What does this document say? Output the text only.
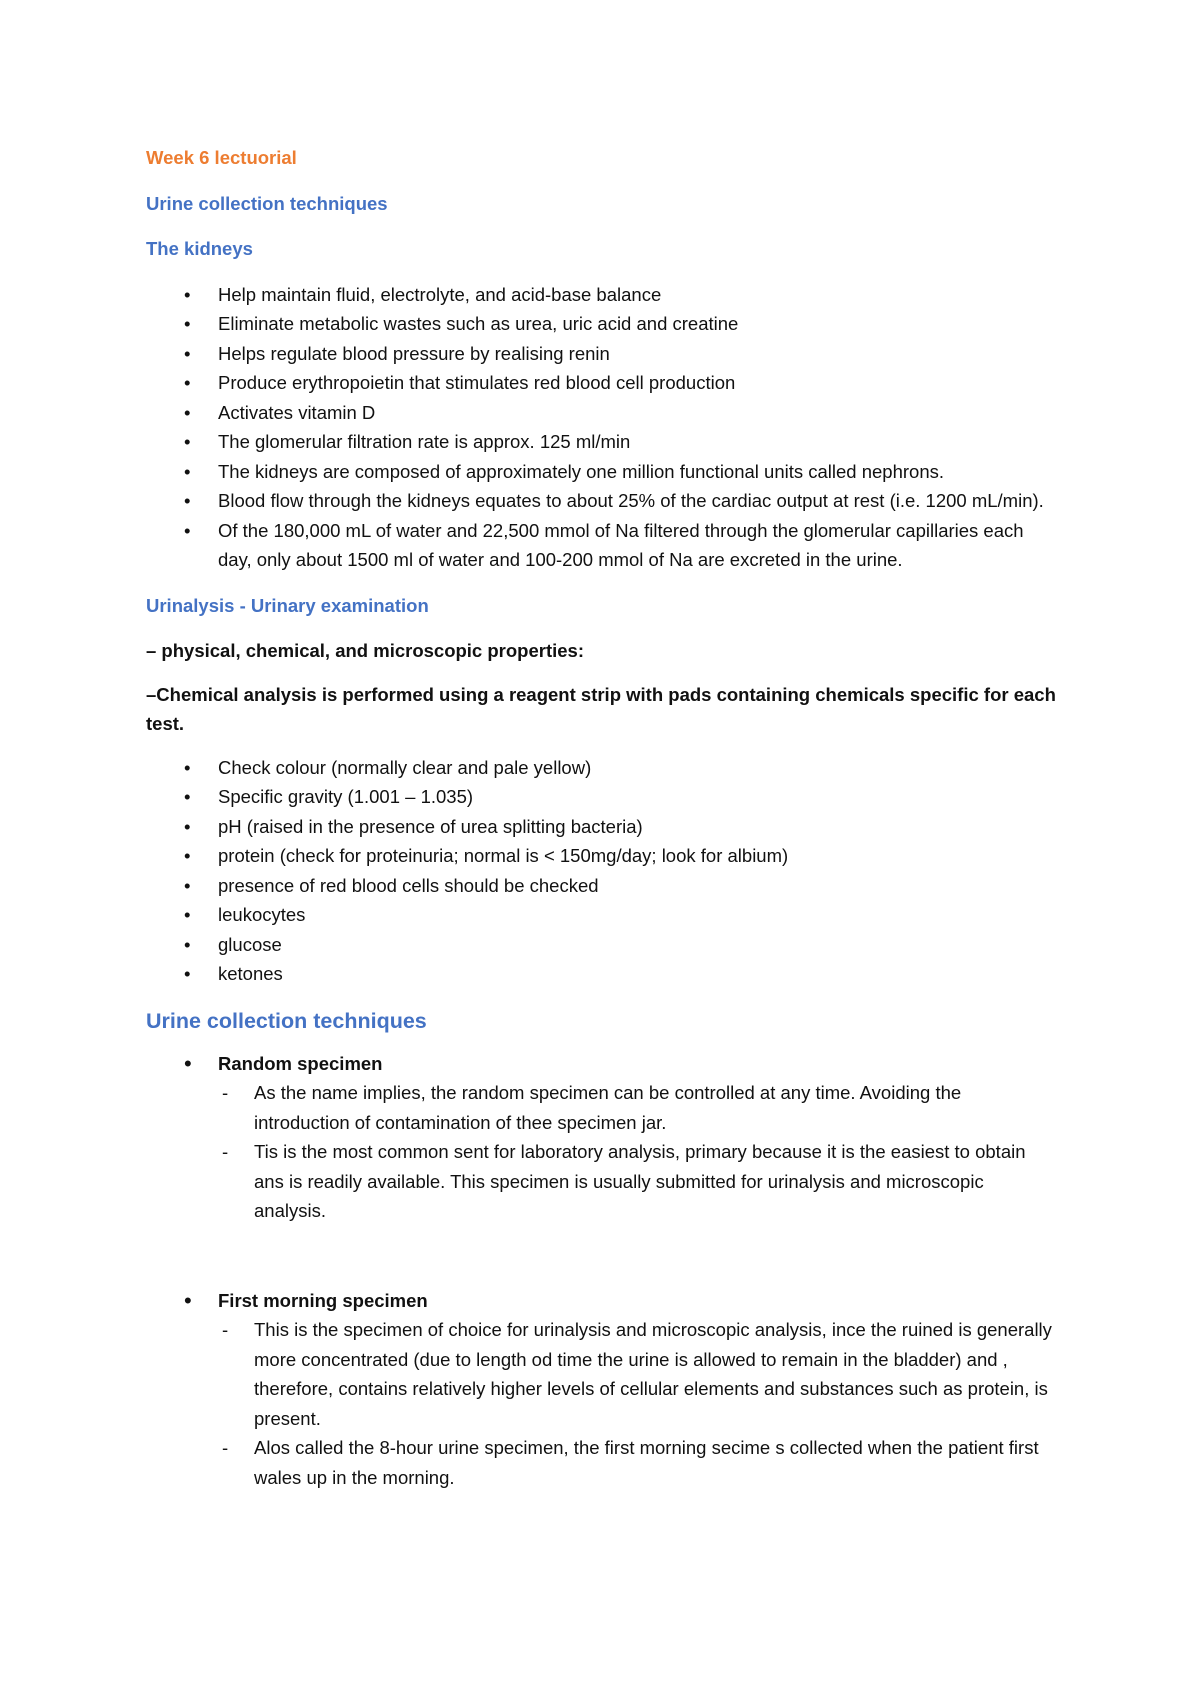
Week 6 lectuorial
Urine collection techniques
The kidneys
• Help maintain fluid, electrolyte, and acid-base balance
• Eliminate metabolic wastes such as urea, uric acid and creatine
• Helps regulate blood pressure by realising renin
• Produce erythropoietin that stimulates red blood cell production
• Activates vitamin D
• The glomerular filtration rate is approx. 125 ml/min
• The kidneys are composed of approximately one million functional units called nephrons.
• Blood flow through the kidneys equates to about 25% of the cardiac output at rest (i.e. 1200 mL/min).
• Of the 180,000 mL of water and 22,500 mmol of Na filtered through the glomerular capillaries each day, only about 1500 ml of water and 100-200 mmol of Na are excreted in the urine.
Urinalysis - Urinary examination
– physical, chemical, and microscopic properties:
–Chemical analysis is performed using a reagent strip with pads containing chemicals specific for each test.
• Check colour (normally clear and pale yellow)
• Specific gravity (1.001 – 1.035)
• pH (raised in the presence of urea splitting bacteria)
• protein (check for proteinuria; normal is < 150mg/day; look for albium)
• presence of red blood cells should be checked
• leukocytes
• glucose
• ketones
Urine collection techniques
• Random specimen
- As the name implies, the random specimen can be controlled at any time. Avoiding the introduction of contamination of thee specimen jar.
- Tis is the most common sent for laboratory analysis, primary because it is the easiest to obtain ans is readily available. This specimen is usually submitted for urinalysis and microscopic analysis.
• First morning specimen
- This is the specimen of choice for urinalysis and microscopic analysis, ince the ruined is generally more concentrated (due to length od time the urine is allowed to remain in the bladder) and , therefore, contains relatively higher levels of cellular elements and substances such as protein, is present.
- Alos called the 8-hour urine specimen, the first morning secime s collected when the patient first wales up in the morning.
